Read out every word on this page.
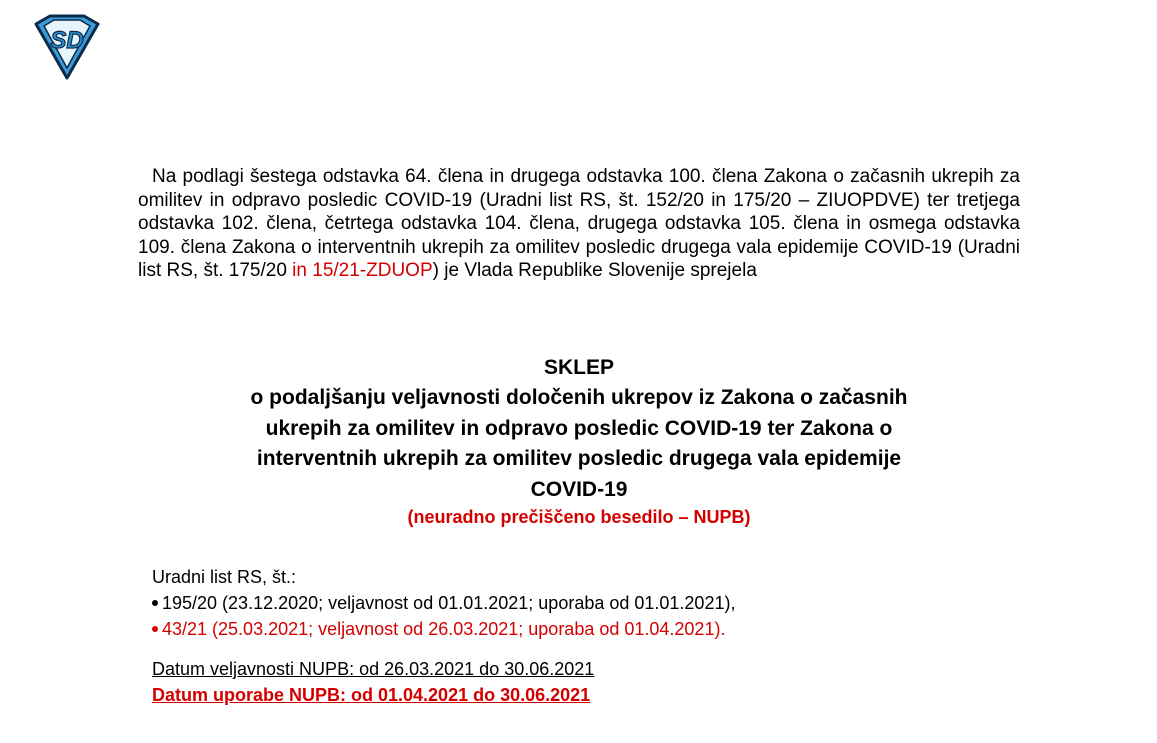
SD
Na podlagi šestega odstavka 64. člena in drugega odstavka 100. člena Zakona o začasnih ukrepih za omilitev in odpravo posledic COVID-19 (Uradni list RS, št. 152/20 in 175/20 – ZIUOPDVE) ter tretjega odstavka 102. člena, četrtega odstavka 104. člena, drugega odstavka 105. člena in osmega odstavka 109. člena Zakona o interventnih ukrepih za omilitev posledic drugega vala epidemije COVID-19 (Uradni list RS, št. 175/20 in 15/21-ZDUOP) je Vlada Republike Slovenije sprejela
SKLEP
o podaljšanju veljavnosti določenih ukrepov iz Zakona o začasnih
ukrepih za omilitev in odpravo posledic COVID-19 ter Zakona o
interventnih ukrepih za omilitev posledic drugega vala epidemije
COVID-19
(neuradno prečiščeno besedilo – NUPB)
Uradni list RS, št.:
195/20 (23.12.2020; veljavnost od 01.01.2021; uporaba od 01.01.2021),
43/21 (25.03.2021; veljavnost od 26.03.2021; uporaba od 01.04.2021).
Datum veljavnosti NUPB: od 26.03.2021 do 30.06.2021
Datum uporabe NUPB: od 01.04.2021 do 30.06.2021
